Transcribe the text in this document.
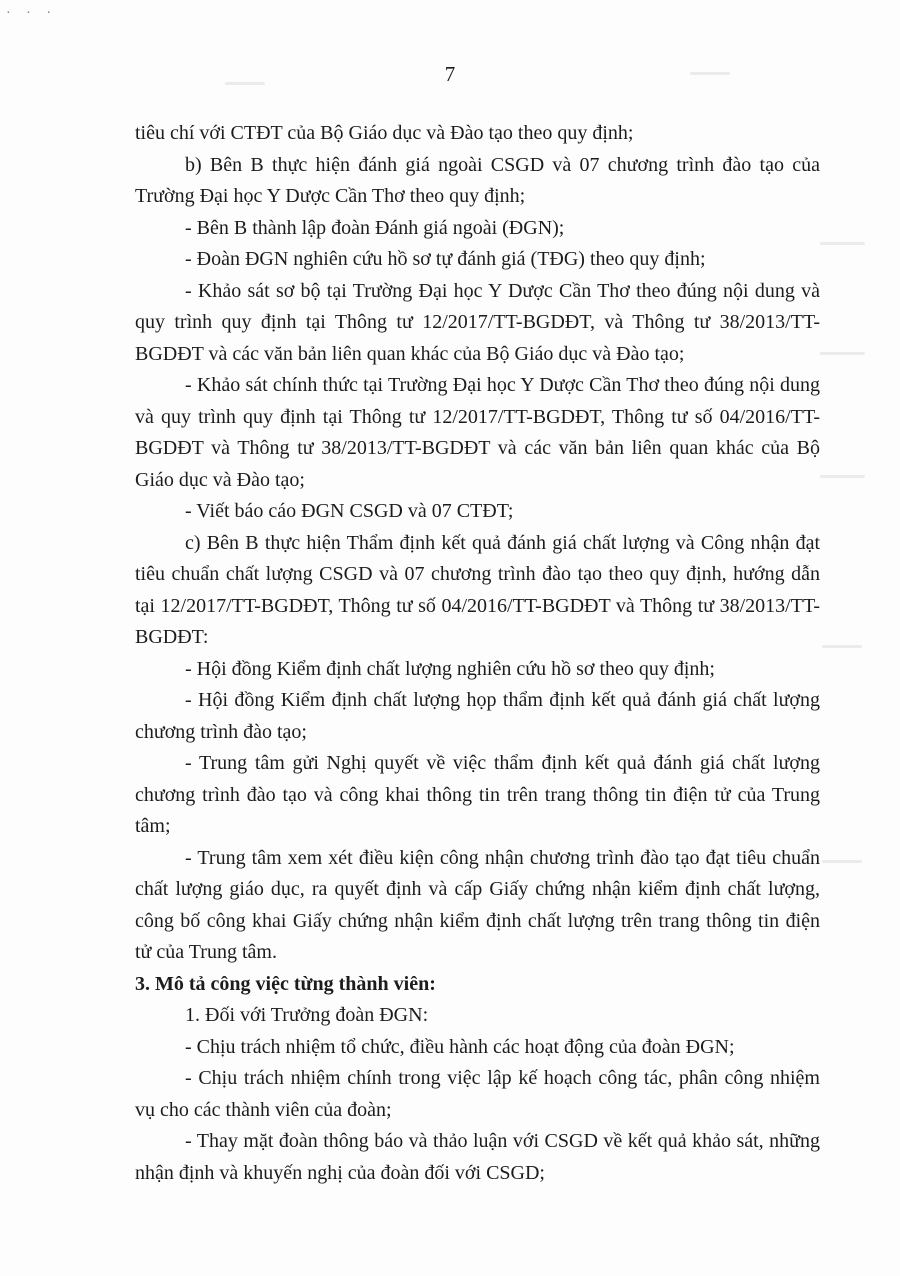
· · ·
7

tiêu chí với CTĐT của Bộ Giáo dục và Đào tạo theo quy định;

b) Bên B thực hiện đánh giá ngoài CSGD và 07 chương trình đào tạo của Trường Đại học Y Dược Cần Thơ theo quy định;

- Bên B thành lập đoàn Đánh giá ngoài (ĐGN);

- Đoàn ĐGN nghiên cứu hồ sơ tự đánh giá (TĐG) theo quy định;

- Khảo sát sơ bộ tại Trường Đại học Y Dược Cần Thơ theo đúng nội dung và quy trình quy định tại Thông tư 12/2017/TT-BGDĐT, và Thông tư 38/2013/TT-BGDĐT và các văn bản liên quan khác của Bộ Giáo dục và Đào tạo;

- Khảo sát chính thức tại Trường Đại học Y Dược Cần Thơ theo đúng nội dung và quy trình quy định tại Thông tư 12/2017/TT-BGDĐT, Thông tư số 04/2016/TT-BGDĐT và Thông tư 38/2013/TT-BGDĐT và các văn bản liên quan khác của Bộ Giáo dục và Đào tạo;

- Viết báo cáo ĐGN CSGD và 07 CTĐT;

c) Bên B thực hiện Thẩm định kết quả đánh giá chất lượng và Công nhận đạt tiêu chuẩn chất lượng CSGD và 07 chương trình đào tạo theo quy định, hướng dẫn tại 12/2017/TT-BGDĐT, Thông tư số 04/2016/TT-BGDĐT và Thông tư 38/2013/TT-BGDĐT:

- Hội đồng Kiểm định chất lượng nghiên cứu hồ sơ theo quy định;

- Hội đồng Kiểm định chất lượng họp thẩm định kết quả đánh giá chất lượng chương trình đào tạo;

- Trung tâm gửi Nghị quyết về việc thẩm định kết quả đánh giá chất lượng chương trình đào tạo và công khai thông tin trên trang thông tin điện tử của Trung tâm;

- Trung tâm xem xét điều kiện công nhận chương trình đào tạo đạt tiêu chuẩn chất lượng giáo dục, ra quyết định và cấp Giấy chứng nhận kiểm định chất lượng, công bố công khai Giấy chứng nhận kiểm định chất lượng trên trang thông tin điện tử của Trung tâm.

3. Mô tả công việc từng thành viên:

1. Đối với Trưởng đoàn ĐGN:

- Chịu trách nhiệm tổ chức, điều hành các hoạt động của đoàn ĐGN;

- Chịu trách nhiệm chính trong việc lập kế hoạch công tác, phân công nhiệm vụ cho các thành viên của đoàn;

- Thay mặt đoàn thông báo và thảo luận với CSGD về kết quả khảo sát, những nhận định và khuyến nghị của đoàn đối với CSGD;
